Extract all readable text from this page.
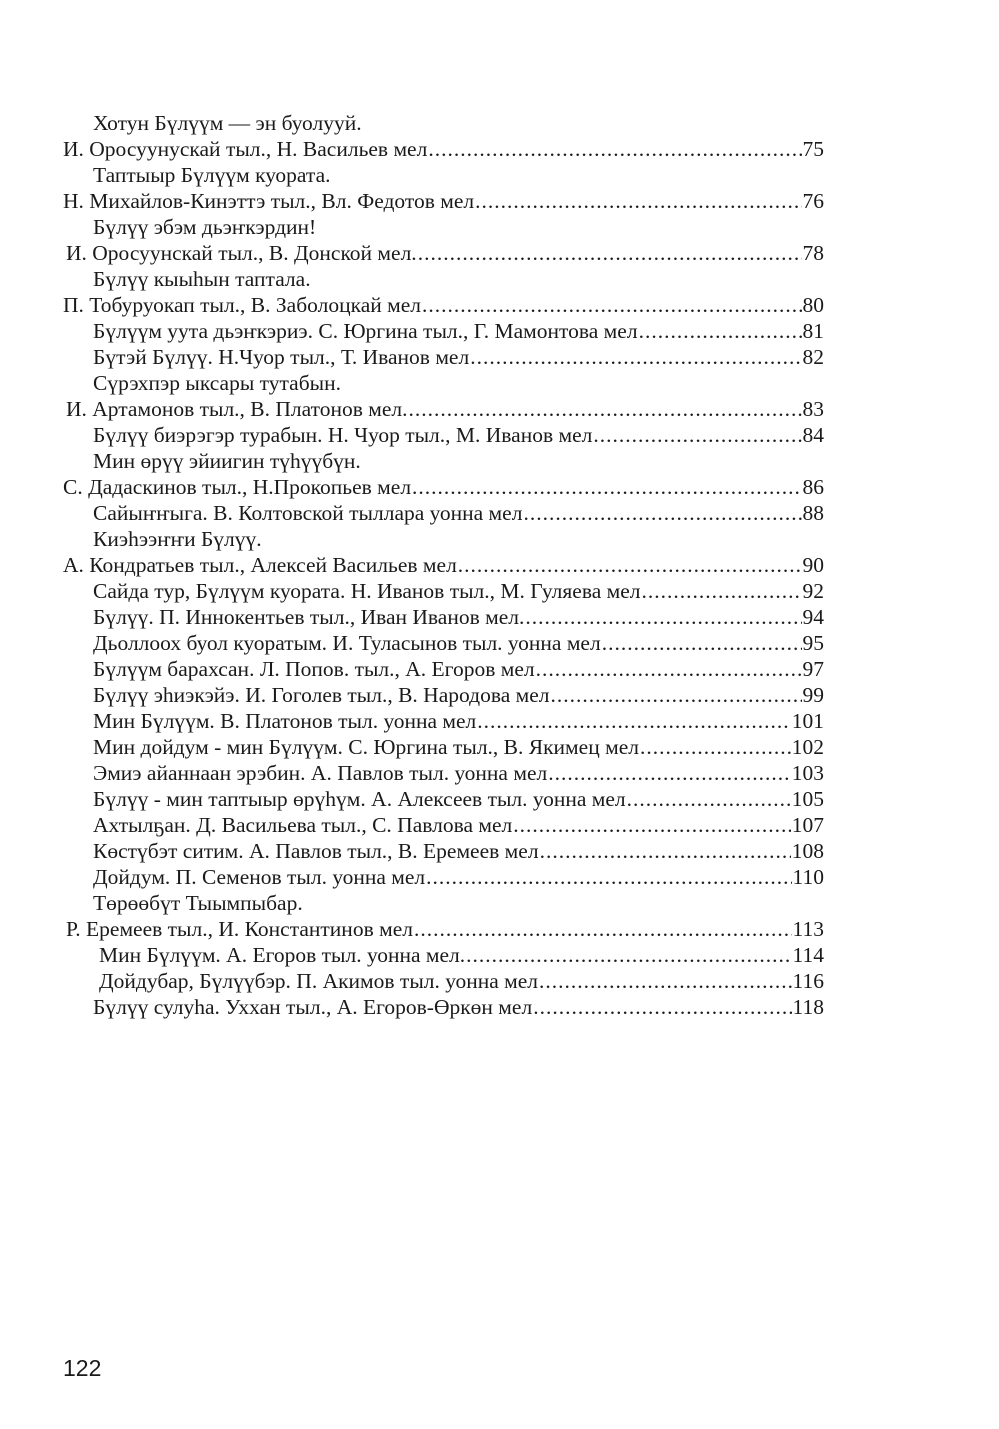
Хотун Бүлүүм — эн буолууй.
И. Оросуунускай тыл., Н. Васильев мел .....	75
Таптыыр Бүлүүм куората.
Н. Михайлов-Кинэттэ тыл., Вл. Федотов мел .....	76
Бүлүү эбэм дьэҥкэрдин!
И. Оросуунскай тыл., В. Донской мел. .....	78
Бүлүү кыыһын таптала.
П. Тобуруокап тыл., В. Заболоцкай мел .....	80
Бүлүүм уута дьэҥкэриэ. С. Юргина тыл., Г. Мамонтова мел .....	81
Бүтэй Бүлүү. Н.Чуор тыл., Т. Иванов мел .....	82
Сүрэхпэр ыксары тутабын.
И. Артамонов тыл., В. Платонов мел. .....	83
Бүлүү биэрэгэр турабын. Н. Чуор тыл., М. Иванов мел .....	84
Мин өрүү эйиигин түһүүбүн.
С. Дадаскинов тыл., Н.Прокопьев мел .....	86
Сайыҥҥыга. В. Колтовской тыллара уонна мел .....	88
Киэһээҥҥи Бүлүү.
А. Кондратьев тыл., Алексей Васильев мел .....	90
Сайда тур, Бүлүүм куората. Н. Иванов тыл., М. Гуляева мел .....	92
Бүлүү. П. Иннокентьев тыл., Иван Иванов мел. .....	94
Дьоллоох буол куоратым. И. Туласынов тыл. уонна мел .....	95
Бүлүүм барахсан. Л. Попов. тыл., А. Егоров мел .....	97
Бүлүү эһиэкэйэ. И. Гоголев тыл., В. Народова мел .....	99
Мин Бүлүүм. В. Платонов тыл. уонна мел .....	101
Мин дойдум - мин Бүлүүм. С. Юргина тыл., В. Якимец мел .....	102
Эмиэ айаннаан эрэбин. А. Павлов тыл. уонна мел .....	103
Бүлүү - мин таптыыр өрүһүм. А. Алексеев тыл. уонна мел .....	105
Ахтылҕан. Д. Васильева тыл., С. Павлова мел .....	107
Көстүбэт ситим. А. Павлов тыл., В. Еремеев мел .....	108
Дойдум. П. Семенов тыл. уонна мел .....	110
Төрөөбүт Тыымпыбар.
Р. Еремеев тыл., И. Константинов мел .....	113
Мин Бүлүүм. А. Егоров тыл. уонна мел. .....	114
Дойдубар, Бүлүүбэр. П. Акимов тыл. уонна мел .....	116
Бүлүү сулуһа. Уххан тыл., А. Егоров-Өркөн мел .....	118
122
